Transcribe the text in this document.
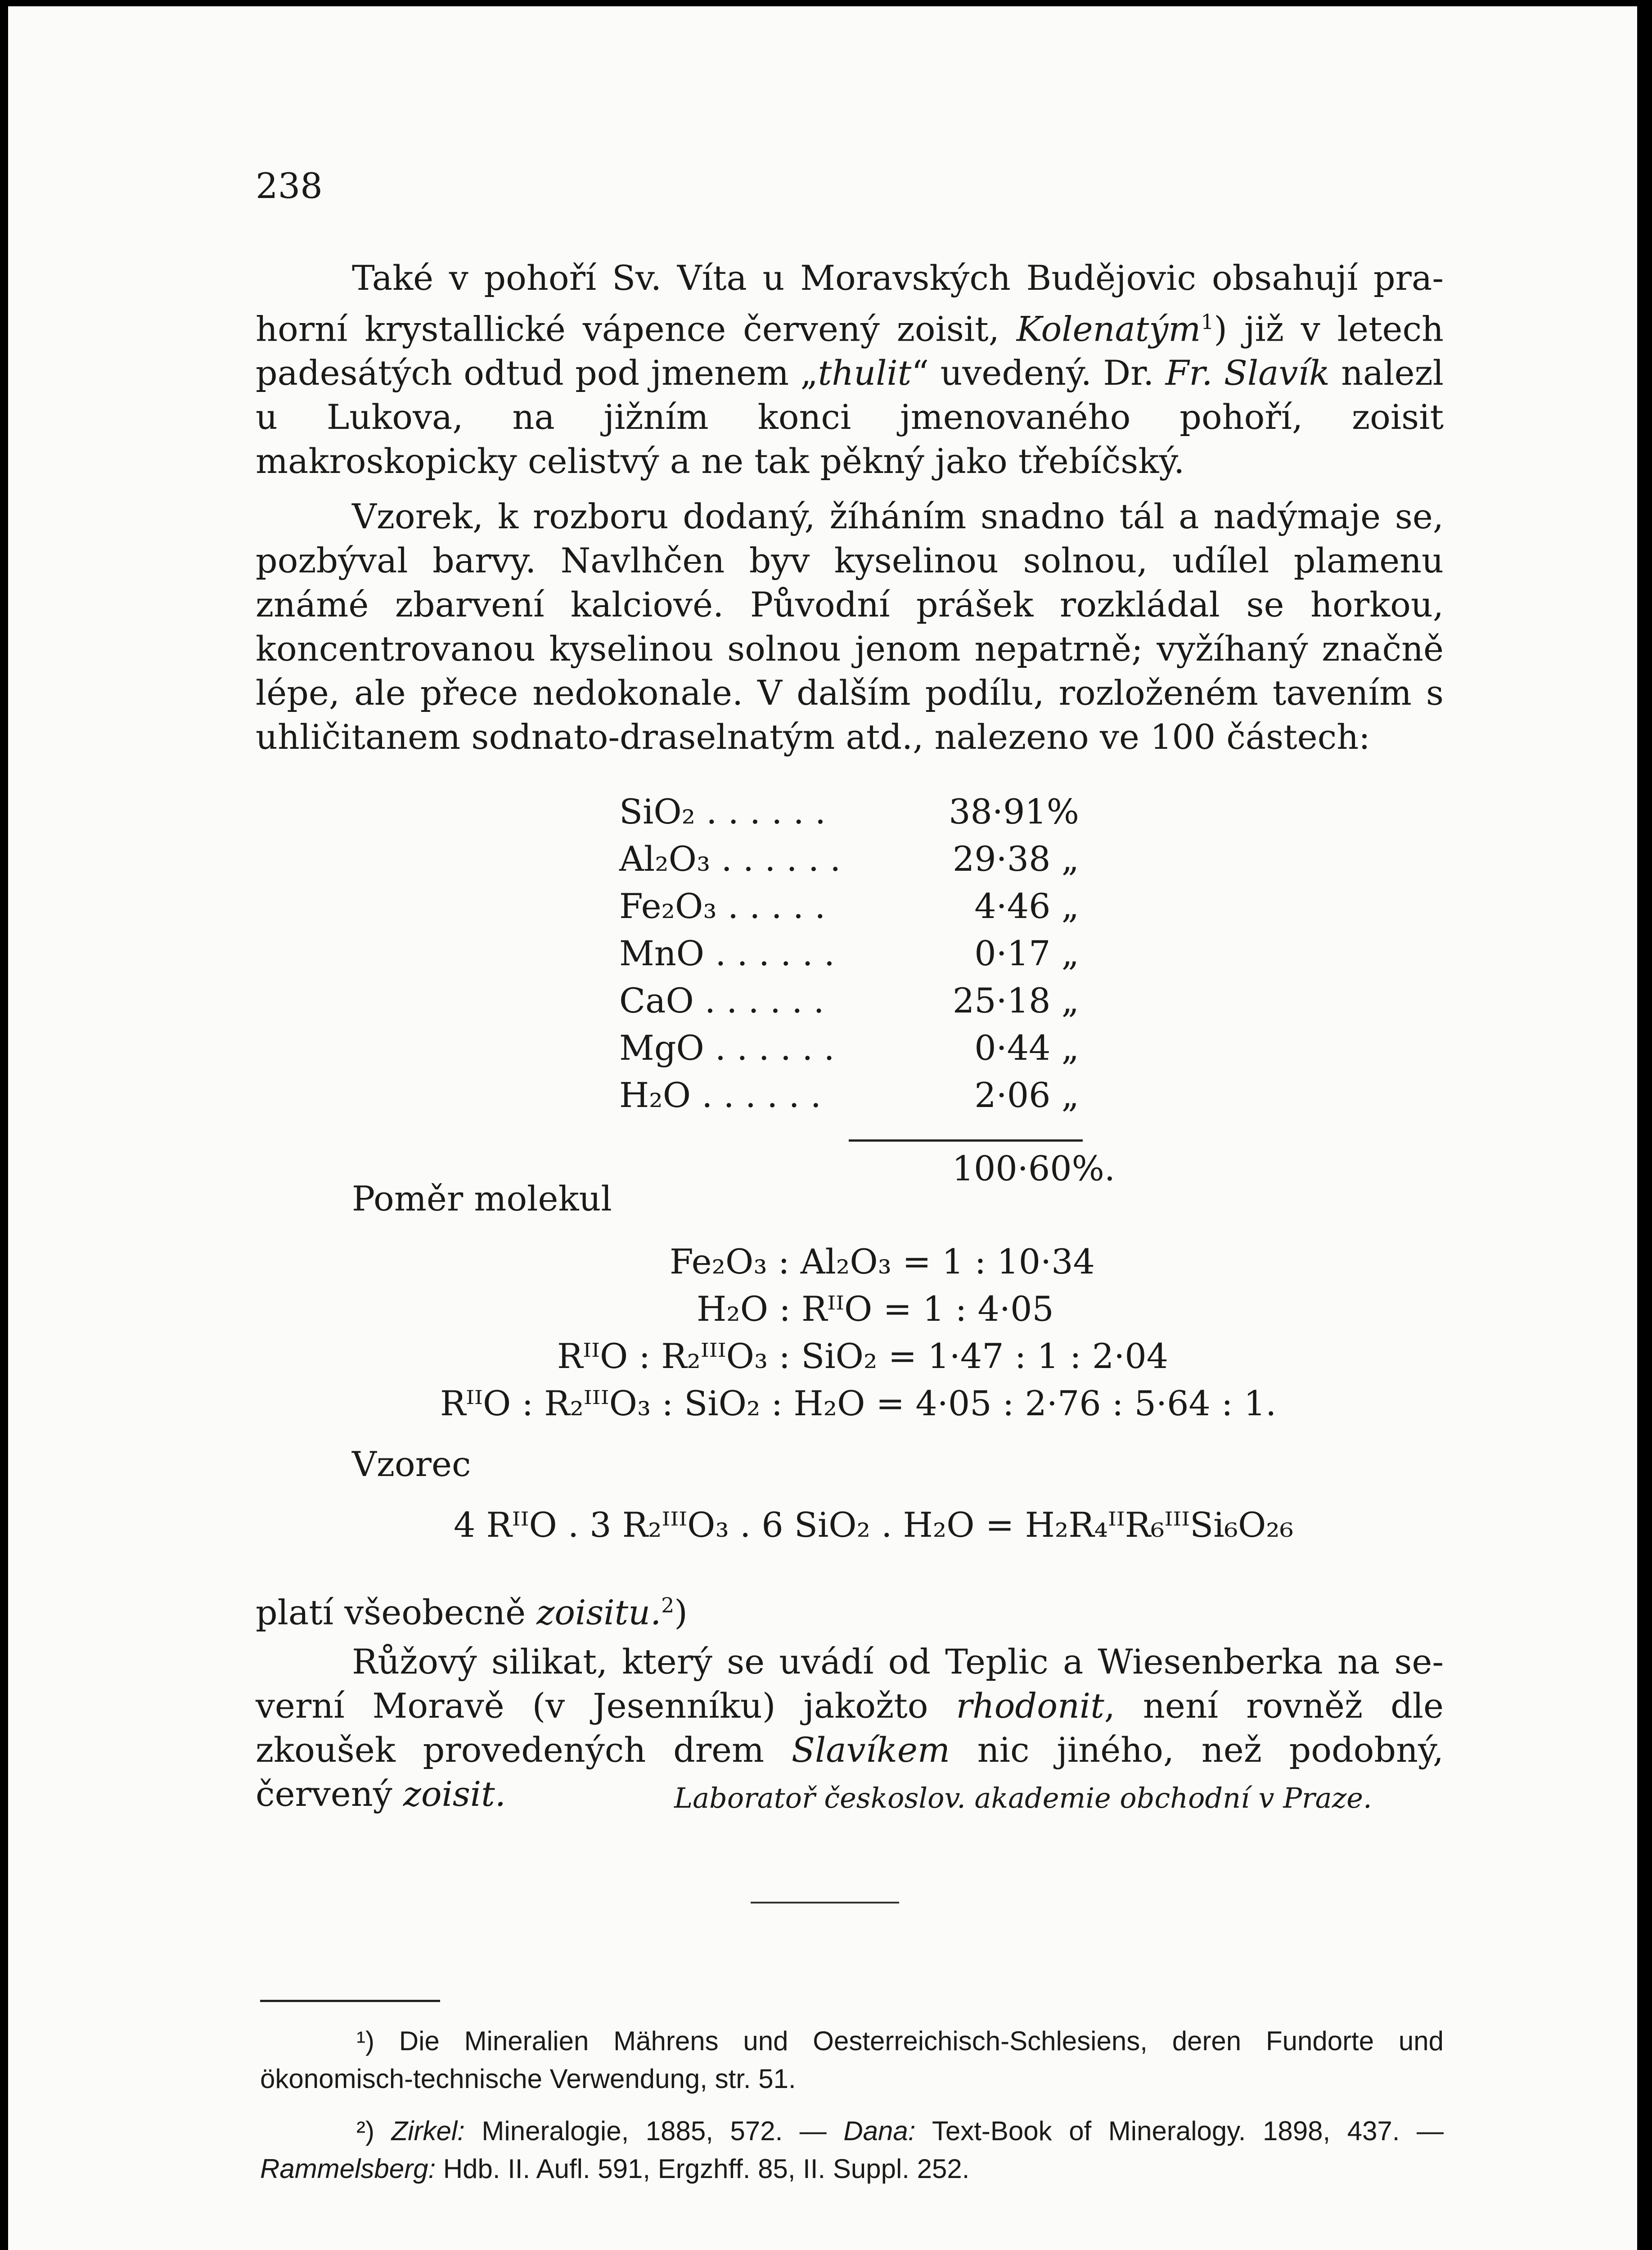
238

Také v pohoří Sv. Víta u Moravských Budějovic obsahují prahorní krystallické vápence červený zoisit, Kolenatým$^1$) již v letech padesátých odtud pod jmenem „thulit“ uvedený. Dr. Fr. Slavík nalezl u Lukova, na jižním konci jmenovaného pohoří, zoisit makroskopicky celistvý a ne tak pěkný jako třebíčský.

Vzorek, k rozboru dodaný, žíháním snadno tál a nadýmaje se, pozbýval barvy. Navlhčen byv kyselinou solnou, udílel plamenu známé zbarvení kalciové. Původní prášek rozkládal se horkou, koncentrovanou kyselinou solnou jenom nepatrně; vyžíhaný značně lépe, ale přece nedokonale. V dalším podílu, rozloženém tavením s uhličitanem sodnato-draselnatým atd., nalezeno ve 100 částech:

SiO₂ . . . . . .	38·91%
Al₂O₃ . . . . . .	29·38 „
Fe₂O₃ . . . . .	4·46 „
MnO . . . . . .	0·17 „
CaO . . . . . .	25·18 „
MgO . . . . . .	0·44 „
H₂O . . . . . .	2·06 „
100·60%.
Poměr molekul
Fe₂O₃ : Al₂O₃ = 1 : 10·34
H₂O : RᴵᴵO = 1 : 4·05
RᴵᴵO : R₂ᴵᴵᴵO₃ : SiO₂ = 1·47 : 1 : 2·04
RᴵᴵO : R₂ᴵᴵᴵO₃ : SiO₂ : H₂O = 4·05 : 2·76 : 5·64 : 1.
Vzorec
4 RᴵᴵO . 3 R₂ᴵᴵᴵO₃ . 6 SiO₂ . H₂O = H₂R₄ᴵᴵR₆ᴵᴵᴵSi₆O₂₆

platí všeobecně zoisitu.$^2$)

Růžový silikat, který se uvádí od Teplic a Wiesenberka na severní Moravě (v Jesenníku) jakožto rhodonit, není rovněž dle zkoušek provedených drem Slavíkem nic jiného, než podobný, červený zoisit.	Laboratoř českoslov. akademie obchodní v Praze.

¹) Die Mineralien Mährens und Oesterreichisch-Schlesiens, deren Fundorte und ökonomisch-technische Verwendung, str. 51.

²) Zirkel: Mineralogie, 1885, 572. — Dana: Text-Book of Mineralogy. 1898, 437. — Rammelsberg: Hdb. II. Aufl. 591, Ergzhff. 85, II. Suppl. 252.
